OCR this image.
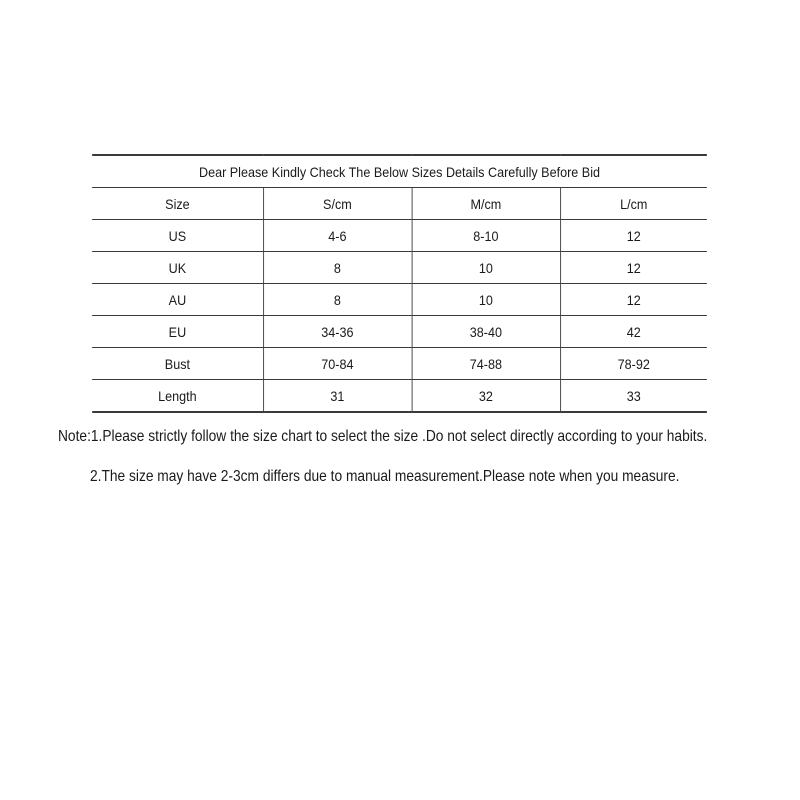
Dear Please Kindly Check The Below Sizes Details Carefully Before Bid			
Size	S/cm	M/cm	L/cm
US	4-6	8-10	12
UK	8	10	12
AU	8	10	12
EU	34-36	38-40	42
Bust	70-84	74-88	78-92
Length	31	32	33
Note:1.Please strictly follow the size chart to select the size .Do not select directly according to your habits.
2.The size may have 2-3cm differs due to manual measurement.Please note when you measure.
